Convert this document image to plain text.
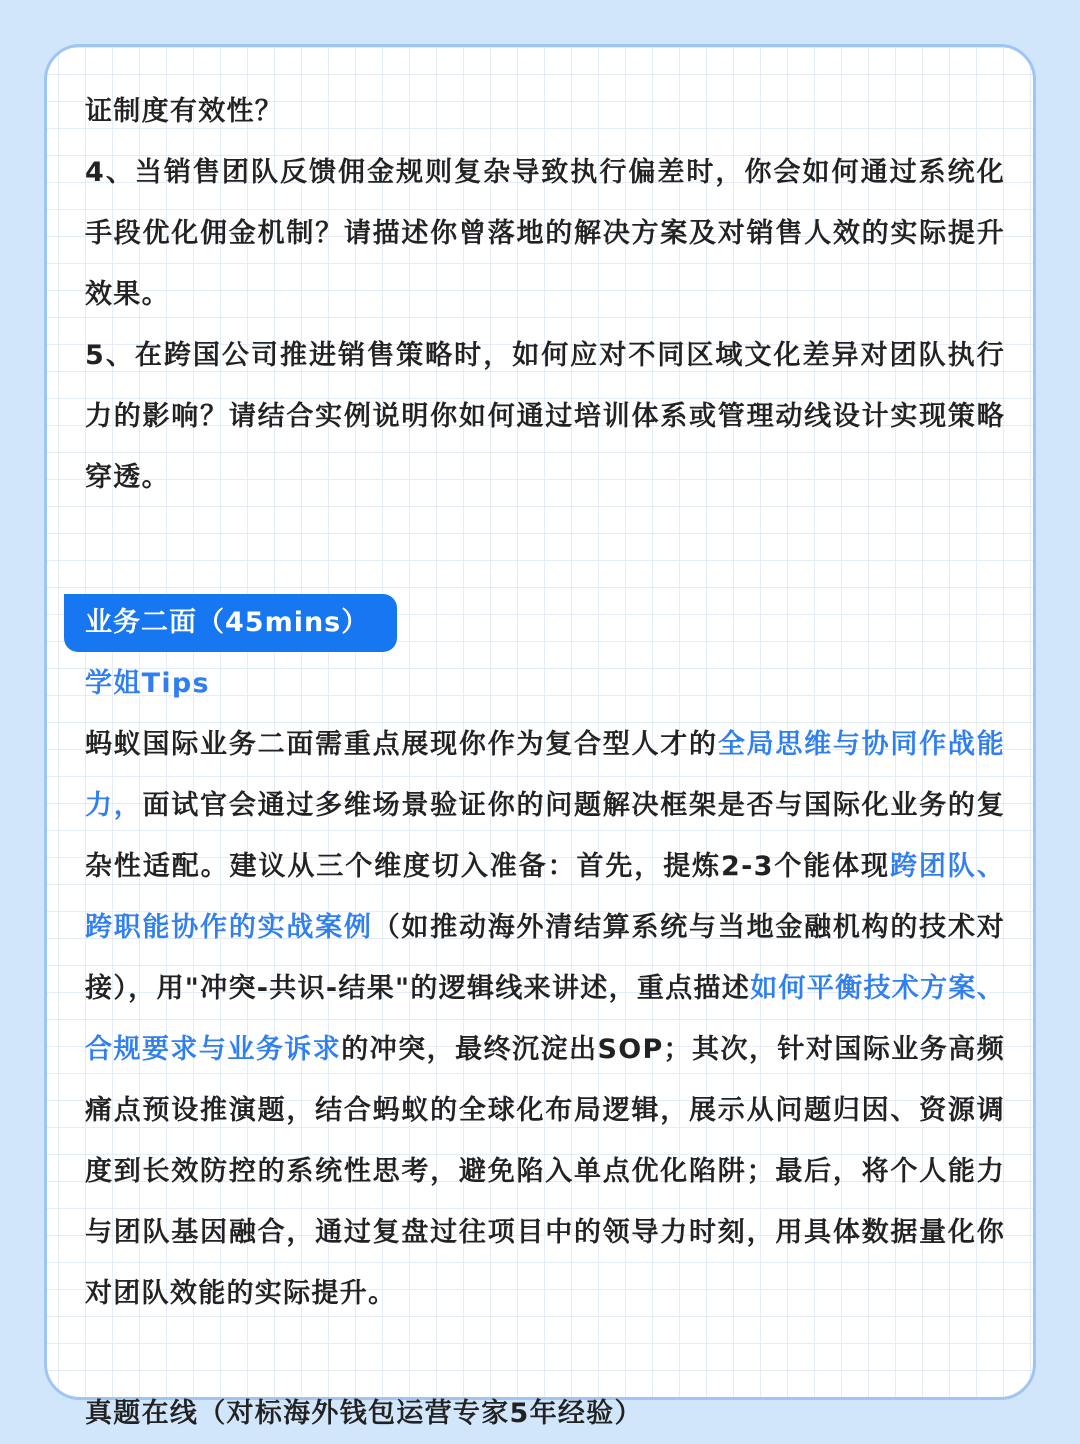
证制度有效性？

4、当销售团队反馈佣金规则复杂导致执行偏差时，你会如何通过系统化手段优化佣金机制？请描述你曾落地的解决方案及对销售人效的实际提升效果。

5、在跨国公司推进销售策略时，如何应对不同区域文化差异对团队执行力的影响？请结合实例说明你如何通过培训体系或管理动线设计实现策略穿透。

业务二面（45mins）

学姐Tips

蚂蚁国际业务二面需重点展现你作为复合型人才的全局思维与协同作战能力，面试官会通过多维场景验证你的问题解决框架是否与国际化业务的复杂性适配。建议从三个维度切入准备：首先，提炼2-3个能体现跨团队、跨职能协作的实战案例（如推动海外清结算系统与当地金融机构的技术对接），用"冲突-共识-结果"的逻辑线来讲述，重点描述如何平衡技术方案、合规要求与业务诉求的冲突，最终沉淀出SOP；其次，针对国际业务高频痛点预设推演题，结合蚂蚁的全球化布局逻辑，展示从问题归因、资源调度到长效防控的系统性思考，避免陷入单点优化陷阱；最后，将个人能力与团队基因融合，通过复盘过往项目中的领导力时刻，用具体数据量化你对团队效能的实际提升。

真题在线（对标海外钱包运营专家5年经验）
